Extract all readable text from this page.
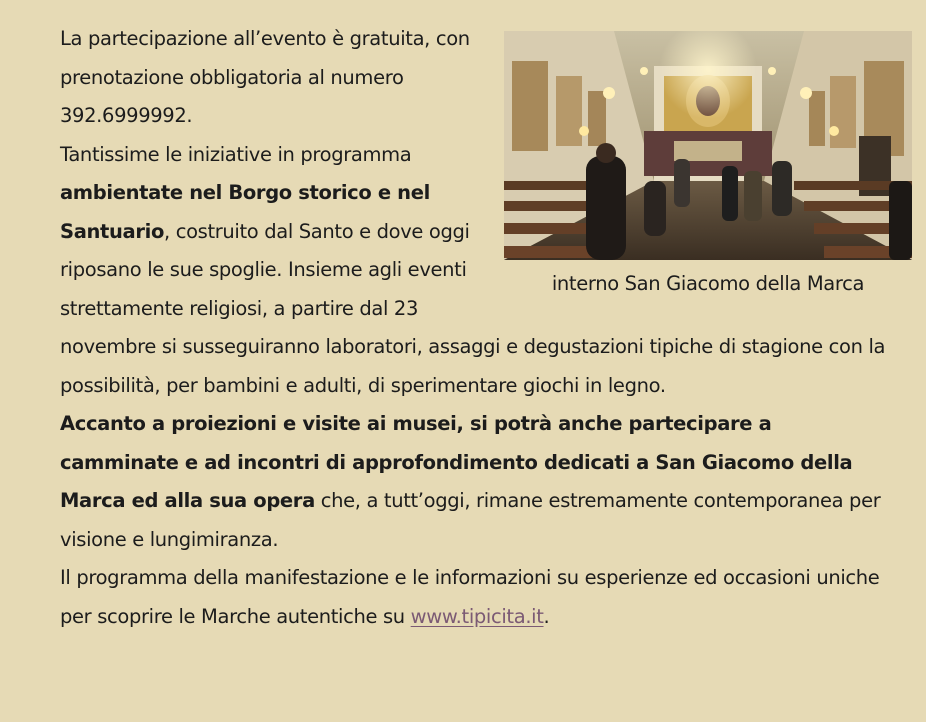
interno San Giacomo della Marca

La partecipazione all’evento è gratuita, con prenotazione obbligatoria al numero 392.6999992.

Tantissime le iniziative in programma ambientate nel Borgo storico e nel Santuario, costruito dal Santo e dove oggi riposano le sue spoglie. Insieme agli eventi strettamente religiosi, a partire dal 23 novembre si susseguiranno laboratori, assaggi e degustazioni tipiche di stagione con la possibilità, per bambini e adulti, di sperimentare giochi in legno.

Accanto a proiezioni e visite ai musei, si potrà anche partecipare a camminate e ad incontri di approfondimento dedicati a San Giacomo della Marca ed alla sua opera che, a tutt’oggi, rimane estremamente contemporanea per visione e lungimiranza.

Il programma della manifestazione e le informazioni su esperienze ed occasioni uniche per scoprire le Marche autentiche su www.tipicita.it.
